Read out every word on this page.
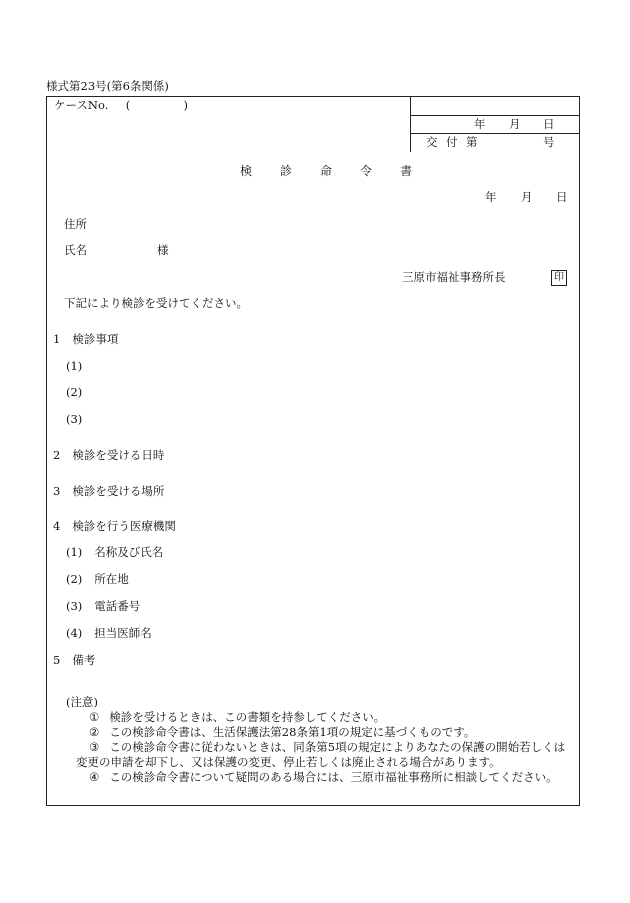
様式第23号(第6条関係)
ケースNo. (	)
年 月 日
交 付 第	号
検 診 命 令 書
年 月 日
住所
氏名	様
三原市福祉事務所長	印
下記により検診を受けてください。
1 検診事項
(1)
(2)
(3)
2 検診を受ける日時
3 検診を受ける場所
4 検診を行う医療機関
(1) 名称及び氏名
(2) 所在地
(3) 電話番号
(4) 担当医師名
5 備考
(注意)
① 検診を受けるときは、この書類を持参してください。
② この検診命令書は、生活保護法第28条第1項の規定に基づくものです。
③ この検診命令書に従わないときは、同条第5項の規定によりあなたの保護の開始若しくは
変更の申請を却下し、又は保護の変更、停止若しくは廃止される場合があります。
④ この検診命令書について疑問のある場合には、三原市福祉事務所に相談してください。
